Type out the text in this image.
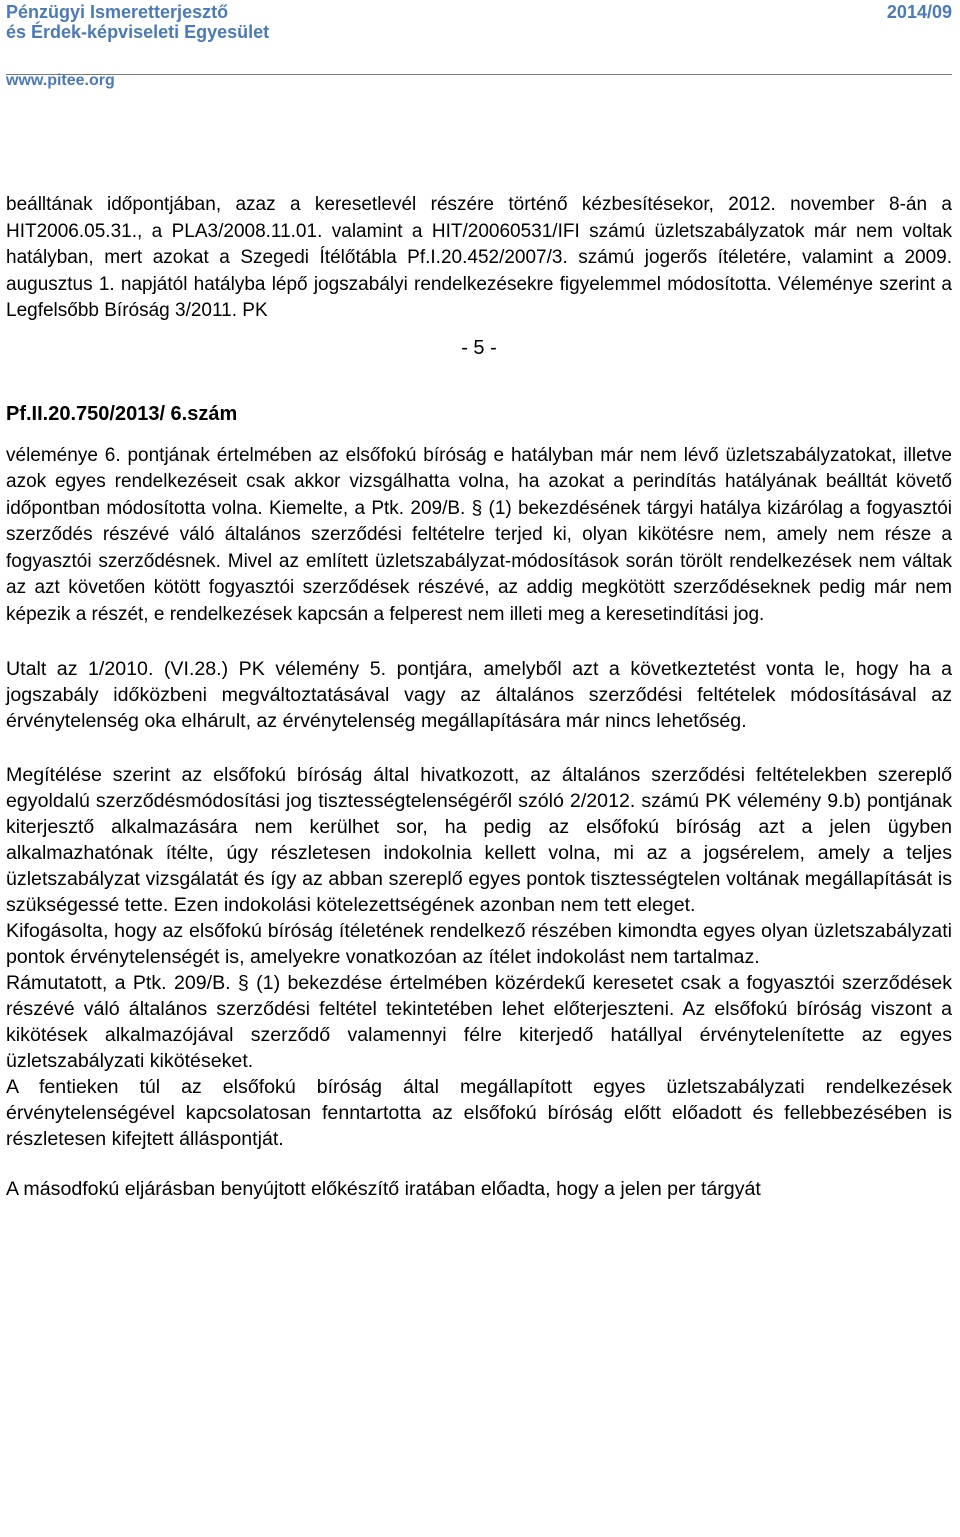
Pénzügyi Ismeretterjesztő
és Érdek-képviseleti Egyesület
2014/09
www.pitee.org

beálltának időpontjában, azaz a keresetlevél részére történő kézbesítésekor, 2012. november 8-án a HIT2006.05.31., a PLA3/2008.11.01. valamint a HIT/20060531/IFI számú üzletszabályzatok már nem voltak hatályban, mert azokat a Szegedi Ítélőtábla Pf.I.20.452/2007/3. számú jogerős ítéletére, valamint a 2009. augusztus 1. napjától hatályba lépő jogszabályi rendelkezésekre figyelemmel módosította. Véleménye szerint a Legfelsőbb Bíróság 3/2011. PK

- 5 -
Pf.II.20.750/2013/ 6.szám

véleménye 6. pontjának értelmében az elsőfokú bíróság e hatályban már nem lévő üzletszabályzatokat, illetve azok egyes rendelkezéseit csak akkor vizsgálhatta volna, ha azokat a perindítás hatályának beálltát követő időpontban módosította volna. Kiemelte, a Ptk. 209/B. § (1) bekezdésének tárgyi hatálya kizárólag a fogyasztói szerződés részévé váló általános szerződési feltételre terjed ki, olyan kikötésre nem, amely nem része a fogyasztói szerződésnek. Mivel az említett üzletszabályzat-módosítások során törölt rendelkezések nem váltak az azt követően kötött fogyasztói szerződések részévé, az addig megkötött szerződéseknek pedig már nem képezik a részét, e rendelkezések kapcsán a felperest nem illeti meg a keresetindítási jog.

Utalt az 1/2010. (VI.28.) PK vélemény 5. pontjára, amelyből azt a következtetést vonta le, hogy ha a jogszabály időközbeni megváltoztatásával vagy az általános szerződési feltételek módosításával az érvénytelenség oka elhárult, az érvénytelenség megállapítására már nincs lehetőség.

Megítélése szerint az elsőfokú bíróság által hivatkozott, az általános szerződési feltételekben szereplő egyoldalú szerződésmódosítási jog tisztességtelenségéről szóló 2/2012. számú PK vélemény 9.b) pontjának kiterjesztő alkalmazására nem kerülhet sor, ha pedig az elsőfokú bíróság azt a jelen ügyben alkalmazhatónak ítélte, úgy részletesen indokolnia kellett volna, mi az a jogsérelem, amely a teljes üzletszabályzat vizsgálatát és így az abban szereplő egyes pontok tisztességtelen voltának megállapítását is szükségessé tette. Ezen indokolási kötelezettségének azonban nem tett eleget.

Kifogásolta, hogy az elsőfokú bíróság ítéletének rendelkező részében kimondta egyes olyan üzletszabályzati pontok érvénytelenségét is, amelyekre vonatkozóan az ítélet indokolást nem tartalmaz.

Rámutatott, a Ptk. 209/B. § (1) bekezdése értelmében közérdekű keresetet csak a fogyasztói szerződések részévé váló általános szerződési feltétel tekintetében lehet előterjeszteni. Az elsőfokú bíróság viszont a kikötések alkalmazójával szerződő valamennyi félre kiterjedő hatállyal érvénytelenítette az egyes üzletszabályzati kikötéseket.

A fentieken túl az elsőfokú bíróság által megállapított egyes üzletszabályzati rendelkezések érvénytelenségével kapcsolatosan fenntartotta az elsőfokú bíróság előtt előadott és fellebbezésében is részletesen kifejtett álláspontját.

A másodfokú eljárásban benyújtott előkészítő iratában előadta, hogy a jelen per tárgyát
